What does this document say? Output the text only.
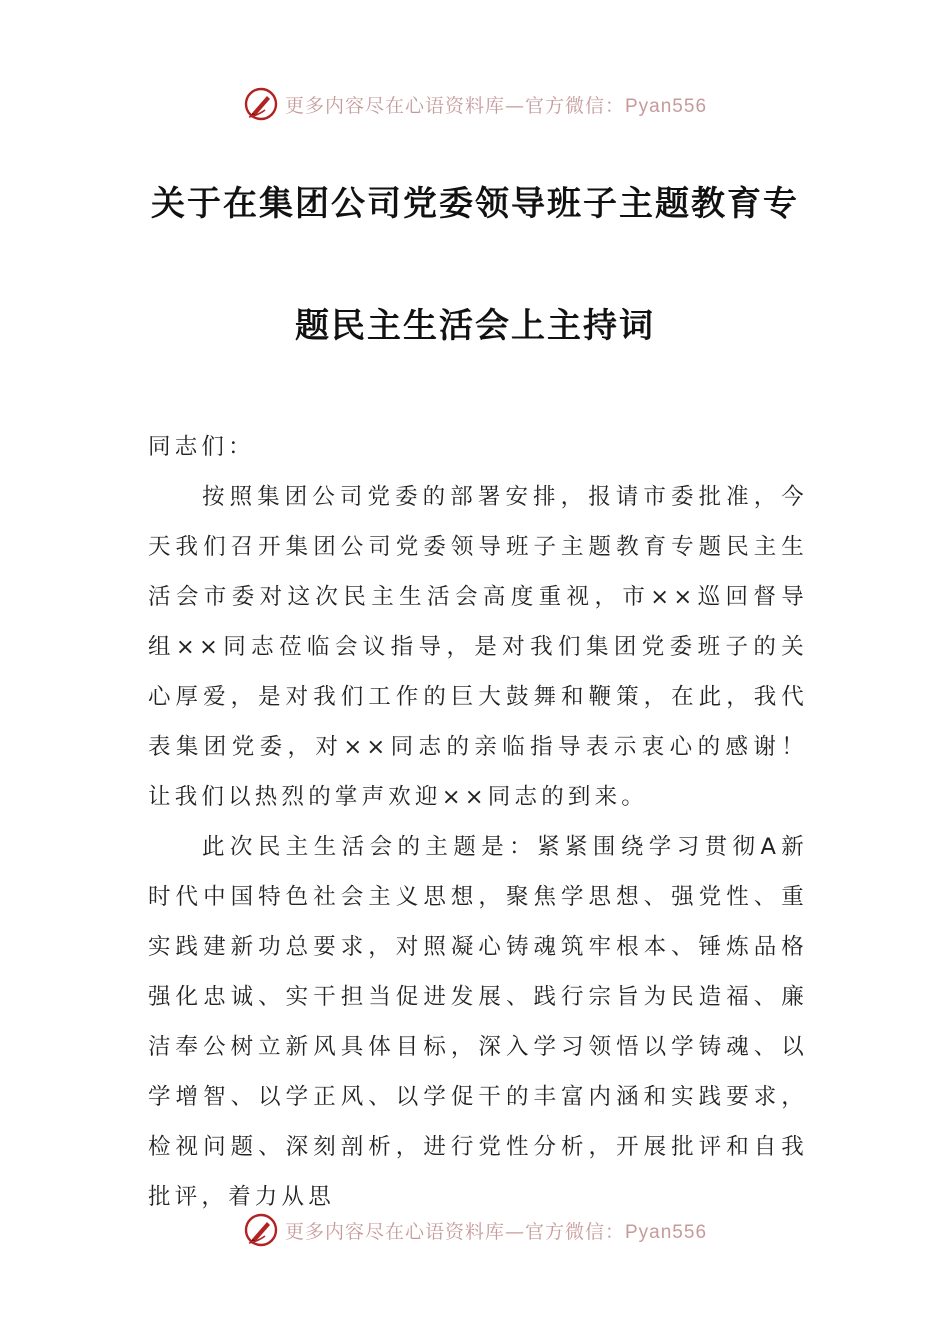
更多内容尽在心语资料库—官方微信：Pyan556
关于在集团公司党委领导班子主题教育专
题民主生活会上主持词
同志们：
按照集团公司党委的部署安排，报请市委批准，今天我们召开集团公司党委领导班子主题教育专题民主生活会市委对这次民主生活会高度重视，市××巡回督导组××同志莅临会议指导，是对我们集团党委班子的关心厚爱，是对我们工作的巨大鼓舞和鞭策，在此，我代表集团党委，对××同志的亲临指导表示衷心的感谢！让我们以热烈的掌声欢迎××同志的到来。
此次民主生活会的主题是：紧紧围绕学习贯彻A新时代中国特色社会主义思想，聚焦学思想、强党性、重实践建新功总要求，对照凝心铸魂筑牢根本、锤炼品格强化忠诚、实干担当促进发展、践行宗旨为民造福、廉洁奉公树立新风具体目标，深入学习领悟以学铸魂、以学增智、以学正风、以学促干的丰富内涵和实践要求，检视问题、深刻剖析，进行党性分析，开展批评和自我批评，着力从思
更多内容尽在心语资料库—官方微信：Pyan556
